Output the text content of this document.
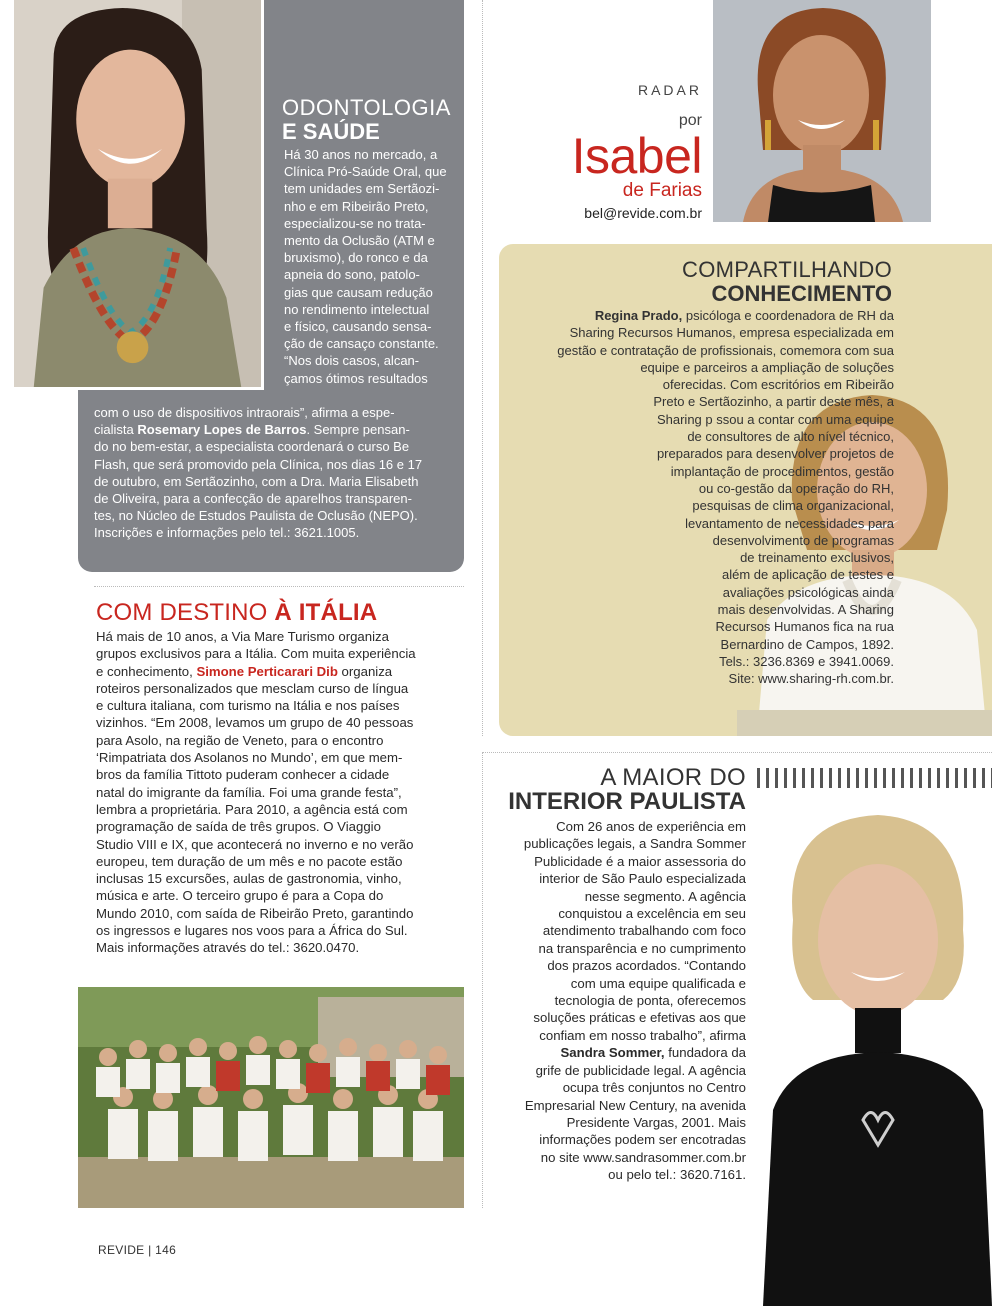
ODONTOLOGIA
E SAÚDE
Há 30 anos no mercado, a
Clínica Pró-Saúde Oral, que
tem unidades em Sertãozi-
nho e em Ribeirão Preto,
especializou-se no trata-
mento da Oclusão (ATM e
bruxismo), do ronco e da
apneia do sono, patolo-
gias que causam redução
no rendimento intelectual
e físico, causando sensa-
ção de cansaço constante.
“Nos dois casos, alcan-
çamos ótimos resultados
com o uso de dispositivos intraorais”, afirma a espe-
cialista Rosemary Lopes de Barros. Sempre pensan-
do no bem-estar, a especialista coordenará o curso Be
Flash, que será promovido pela Clínica, nos dias 16 e 17
de outubro, em Sertãozinho, com a Dra. Maria Elisabeth
de Oliveira, para a confecção de aparelhos transparen-
tes, no Núcleo de Estudos Paulista de Oclusão (NEPO).
Inscrições e informações pelo tel.: 3621.1005.
RADAR
por
Isabel
de Farias
bel@revide.com.br
COMPARTILHANDO
CONHECIMENTO
Regina Prado, psicóloga e coordenadora de RH da
Sharing Recursos Humanos, empresa especializada em
gestão e contratação de profissionais, comemora com sua
equipe e parceiros a ampliação de soluções
oferecidas. Com escritórios em Ribeirão
Preto e Sertãozinho, a partir deste mês, a
Sharing p ssou a contar com uma equipe
de consultores de alto nível técnico,
preparados para desenvolver projetos de
implantação de procedimentos, gestão
ou co-gestão da operação do RH,
pesquisas de clima organizacional,
levantamento de necessidades para
desenvolvimento de programas
de treinamento exclusivos,
além de aplicação de testes e
avaliações psicológicas ainda
mais desenvolvidas. A Sharing
Recursos Humanos fica na rua
Bernardino de Campos, 1892.
Tels.: 3236.8369 e 3941.0069.
Site: www.sharing-rh.com.br.
COM DESTINO À ITÁLIA
Há mais de 10 anos, a Via Mare Turismo organiza
grupos exclusivos para a Itália. Com muita experiência
e conhecimento, Simone Perticarari Dib organiza
roteiros personalizados que mesclam curso de língua
e cultura italiana, com turismo na Itália e nos países
vizinhos. “Em 2008, levamos um grupo de 40 pessoas
para Asolo, na região de Veneto, para o encontro
‘Rimpatriata dos Asolanos no Mundo’, em que mem-
bros da família Tittoto puderam conhecer a cidade
natal do imigrante da família. Foi uma grande festa”,
lembra a proprietária. Para 2010, a agência está com
programação de saída de três grupos. O Viaggio
Studio VIII e IX, que acontecerá no inverno e no verão
europeu, tem duração de um mês e no pacote estão
inclusas 15 excursões, aulas de gastronomia, vinho,
música e arte. O terceiro grupo é para a Copa do
Mundo 2010, com saída de Ribeirão Preto, garantindo
os ingressos e lugares nos voos para a África do Sul.
Mais informações através do tel.: 3620.0470.
A MAIOR DO
INTERIOR PAULISTA
Com 26 anos de experiência em
publicações legais, a Sandra Sommer
Publicidade é a maior assessoria do
interior de São Paulo especializada
nesse segmento. A agência
conquistou a excelência em seu
atendimento trabalhando com foco
na transparência e no cumprimento
dos prazos acordados. “Contando
com uma equipe qualificada e
tecnologia de ponta, oferecemos
soluções práticas e efetivas aos que
confiam em nosso trabalho”, afirma
Sandra Sommer, fundadora da
grife de publicidade legal. A agência
ocupa três conjuntos no Centro
Empresarial New Century, na avenida
Presidente Vargas, 2001. Mais
informações podem ser encotradas
no site www.sandrasommer.com.br
ou pelo tel.: 3620.7161.
REVIDE | 146
